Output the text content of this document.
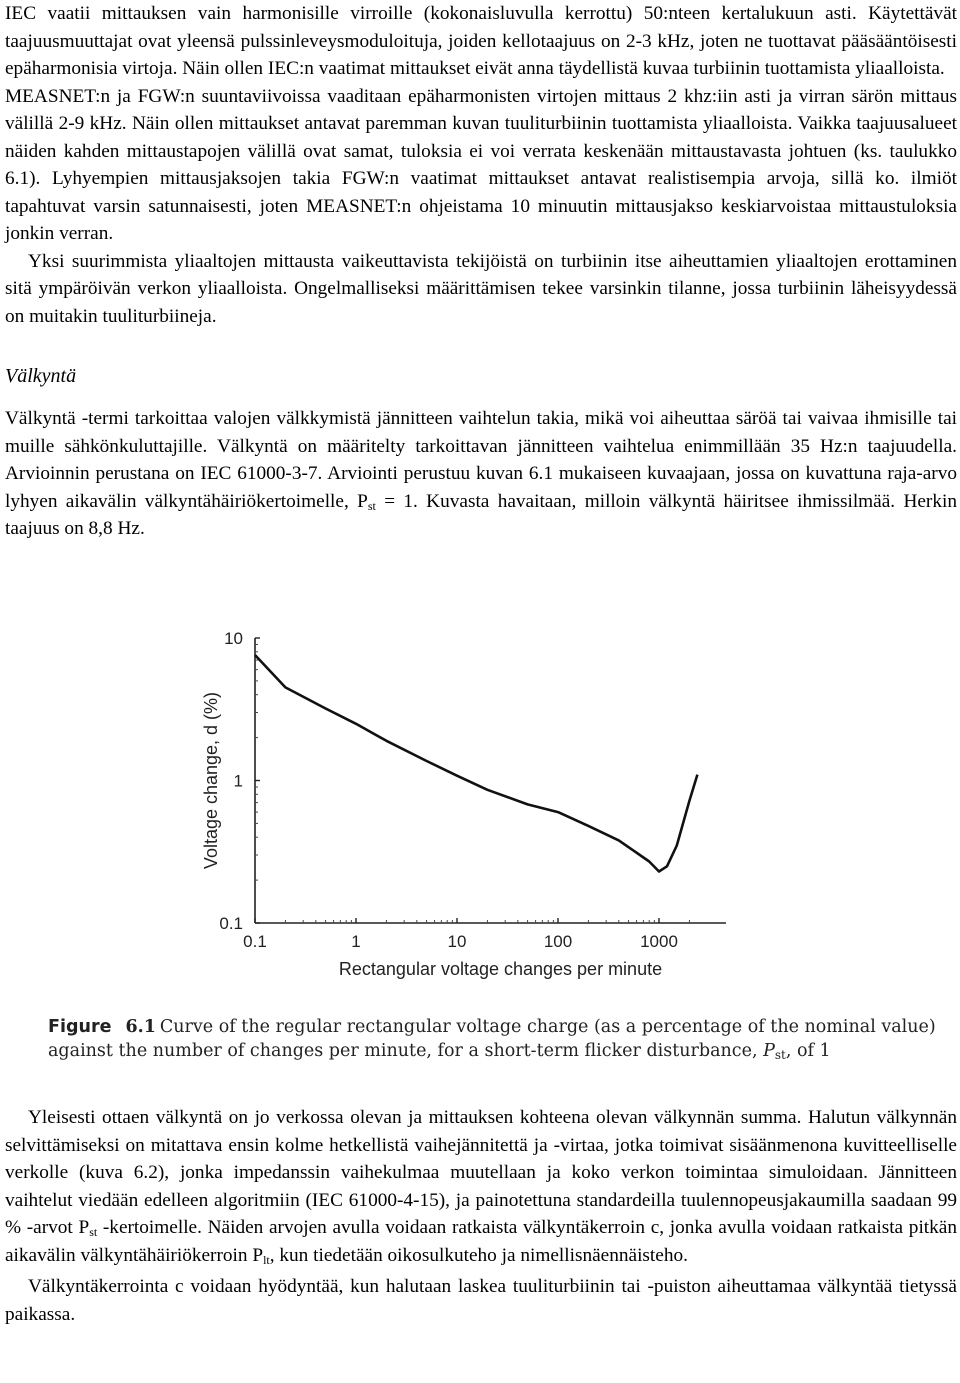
IEC vaatii mittauksen vain harmonisille virroille (kokonaisluvulla kerrottu) 50:nteen kertalukuun asti. Käytettävät taajuusmuuttajat ovat yleensä pulssinleveysmoduloituja, joiden kellotaajuus on 2-3 kHz, joten ne tuottavat pääsääntöisesti epäharmonisia virtoja. Näin ollen IEC:n vaatimat mittaukset eivät anna täydellistä kuvaa turbiinin tuottamista yliaalloista.

MEASNET:n ja FGW:n suuntaviivoissa vaaditaan epäharmonisten virtojen mittaus 2 khz:iin asti ja virran särön mittaus välillä 2-9 kHz. Näin ollen mittaukset antavat paremman kuvan tuuliturbiinin tuottamista yliaalloista. Vaikka taajuusalueet näiden kahden mittaustapojen välillä ovat samat, tuloksia ei voi verrata keskenään mittaustavasta johtuen (ks. taulukko 6.1). Lyhyempien mittausjaksojen takia FGW:n vaatimat mittaukset antavat realistisempia arvoja, sillä ko. ilmiöt tapahtuvat varsin satunnaisesti, joten MEASNET:n ohjeistama 10 minuutin mittausjakso keskiarvoistaa mittaustuloksia jonkin verran.

Yksi suurimmista yliaaltojen mittausta vaikeuttavista tekijöistä on turbiinin itse aiheuttamien yliaaltojen erottaminen sitä ympäröivän verkon yliaalloista. Ongelmalliseksi määrittämisen tekee varsinkin tilanne, jossa turbiinin läheisyydessä on muitakin tuuliturbiineja.

Välkyntä

Välkyntä -termi tarkoittaa valojen välkkymistä jännitteen vaihtelun takia, mikä voi aiheuttaa säröä tai vaivaa ihmisille tai muille sähkönkuluttajille. Välkyntä on määritelty tarkoittavan jännitteen vaihtelua enimmillään 35 Hz:n taajuudella. Arvioinnin perustana on IEC 61000-3-7. Arviointi perustuu kuvan 6.1 mukaiseen kuvaajaan, jossa on kuvattuna raja-arvo lyhyen aikavälin välkyntähäiriökertoimelle, $P_{st} = 1$. Kuvasta havaitaan, milloin välkyntä häiritsee ihmissilmää. Herkin taajuus on 8,8 Hz.

0.1	1	10	100	1000
10
1
0.1
Rectangular voltage changes per minute
Voltage change, d (%)
Figure 6.1 Curve of the regular rectangular voltage charge (as a percentage of the nominal value) against the number of changes per minute, for a short-term flicker disturbance, $P_{st}$, of 1

Yleisesti ottaen välkyntä on jo verkossa olevan ja mittauksen kohteena olevan välkynnän summa. Halutun välkynnän selvittämiseksi on mitattava ensin kolme hetkellistä vaihejännitettä ja -virtaa, jotka toimivat sisäänmenona kuvitteelliselle verkolle (kuva 6.2), jonka impedanssin vaihekulmaa muutellaan ja koko verkon toimintaa simuloidaan. Jännitteen vaihtelut viedään edelleen algoritmiin (IEC 61000-4-15), ja painotettuna standardeilla tuulennopeusjakaumilla saadaan 99 % -arvot $P_{st}$ -kertoimelle. Näiden arvojen avulla voidaan ratkaista välkyntäkerroin c, jonka avulla voidaan ratkaista pitkän aikavälin välkyntähäiriökerroin $P_{lt}$, kun tiedetään oikosulkuteho ja nimellisnäennäisteho.

Välkyntäkerrointa c voidaan hyödyntää, kun halutaan laskea tuuliturbiinin tai -puiston aiheuttamaa välkyntää tietyssä paikassa.
